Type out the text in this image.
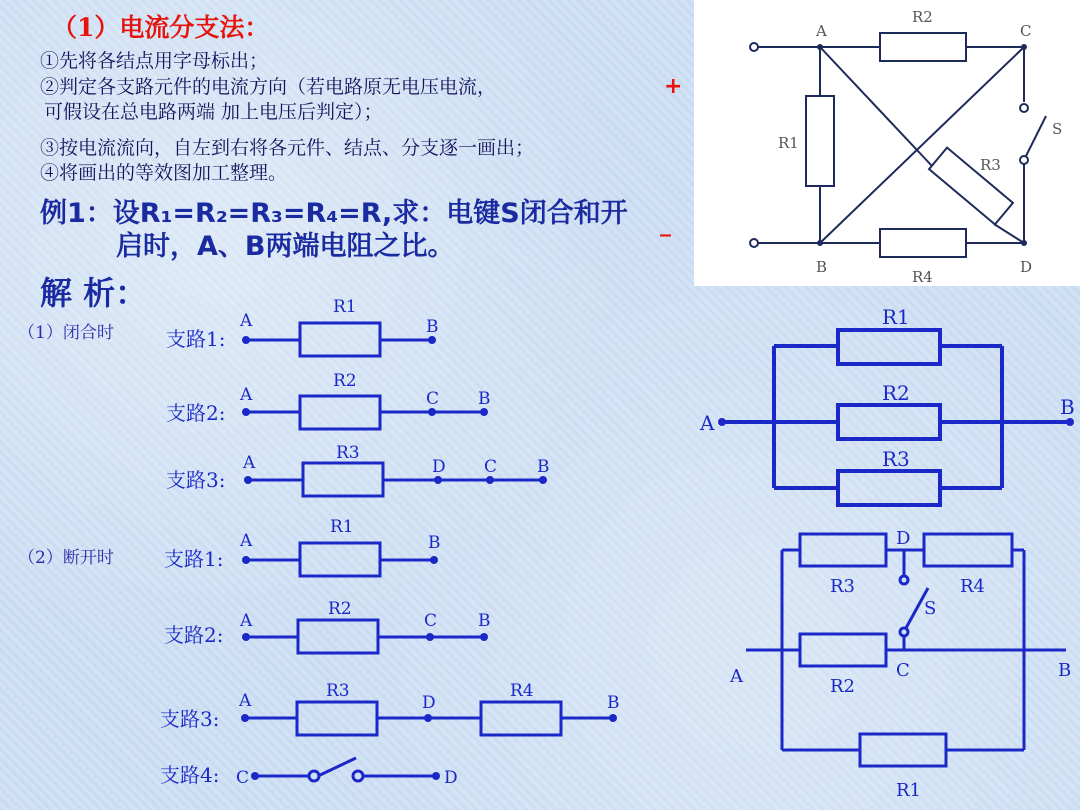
（1）电流分支法：
①先将各结点用字母标出；
②判定各支路元件的电流方向（若电路原无电压电流，
可假设在总电路两端 加上电压后判定）；
③按电流流向，自左到右将各元件、结点、分支逐一画出；
④将画出的等效图加工整理。
例1：设R₁=R₂=R₃=R₄=R,求：电键S闭合和开
启时，A、B两端电阻之比。
+
_
解 析：
（1）闭合时
（2）断开时
A	C
B	D
S
R2
R4
R1
R3
支路1:
支路2:
支路3:
支路1:
支路2:
支路3:
支路4:
A	B
R1
A	C B
R2
A	D C B
R3
A	B
R1
A	C B
R2
A	D	B
R3	R4
C	D
A
B
R1
R2
R3
A	B
D
C
S
R3	R4
R2
R1
